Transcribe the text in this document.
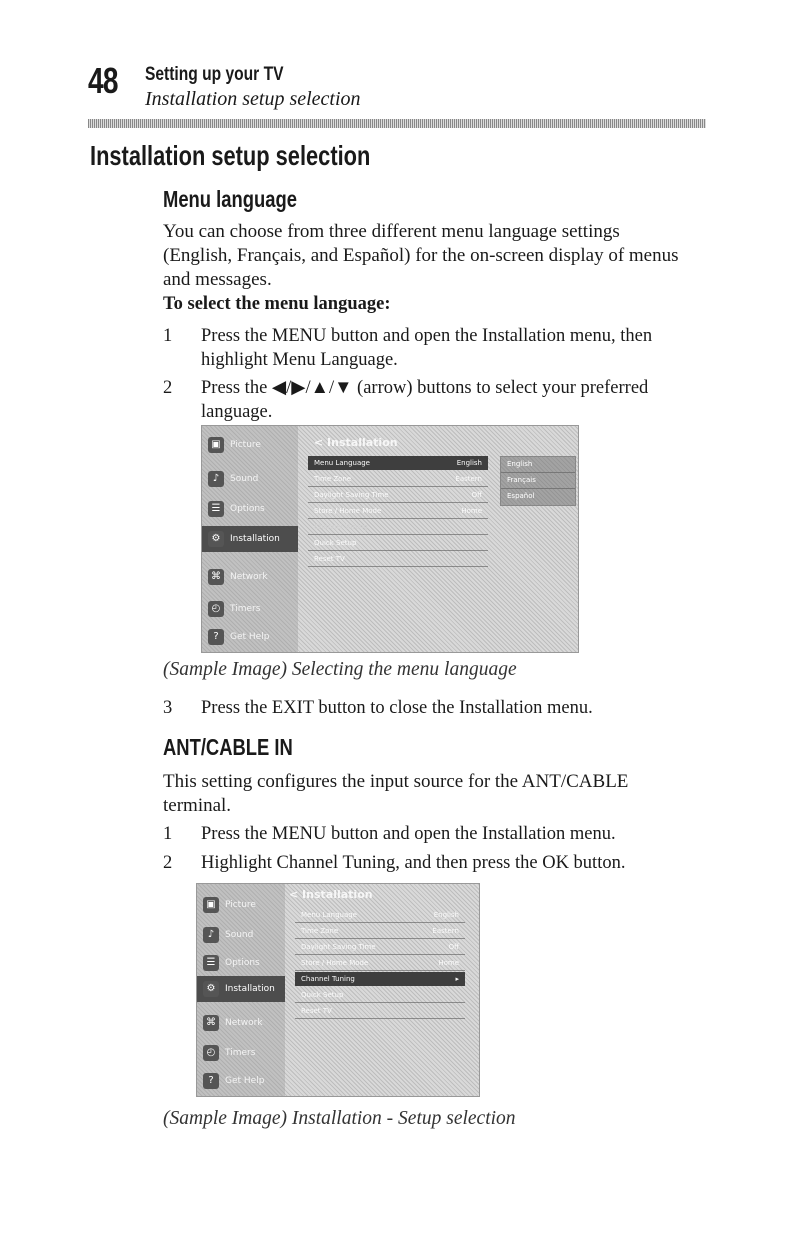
48 Setting up your TV
Installation setup selection
Installation setup selection
Menu language
You can choose from three different menu language settings
(English, Français, and Español) for the on-screen display of menus
and messages.
To select the menu language:
1 Press the MENU button and open the Installation menu, then
highlight Menu Language.
2 Press the ◀/▶/▲/▼ (arrow) buttons to select your preferred
language.
▣	Picture
♪	Sound
☰	Options
⚙	Installation
⌘	Network
◴	Timers
?	Get Help
< Installation
Menu Language	English
Time Zone	Eastern
Daylight Saving Time	Off
Store / Home Mode	Home
Channel Tuning
Quick Setup
Reset TV
English
Français
Español
(Sample Image) Selecting the menu language
3 Press the EXIT button to close the Installation menu.
ANT/CABLE IN
This setting configures the input source for the ANT/CABLE
terminal.
1 Press the MENU button and open the Installation menu.
2 Highlight Channel Tuning, and then press the OK button.
▣	Picture
♪	Sound
☰	Options
⚙	Installation
⌘	Network
◴	Timers
?	Get Help
< Installation
Menu Language	English
Time Zone	Eastern
Daylight Saving Time	Off
Store / Home Mode	Home
Channel Tuning	▸
Quick Setup
Reset TV
(Sample Image) Installation - Setup selection
